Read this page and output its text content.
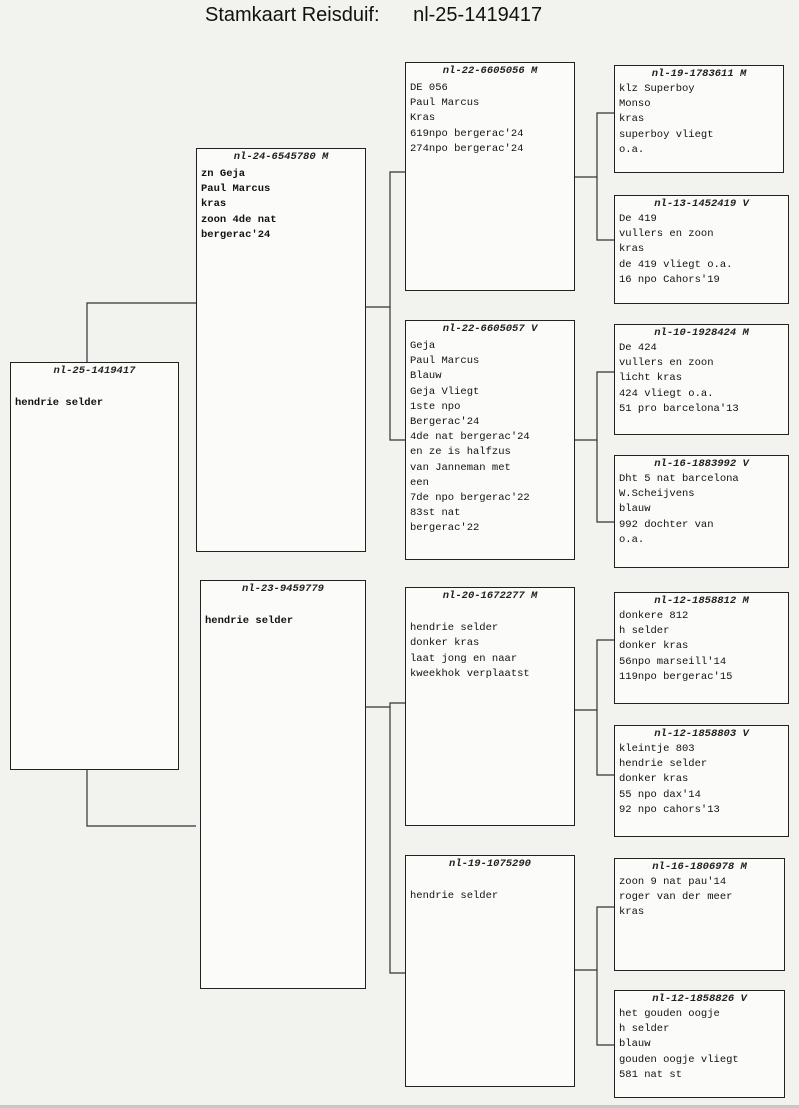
Stamkaart Reisduif: nl-25-1419417
nl-25-1419417
hendrie selder
nl-24-6545780 M
zn Geja
Paul Marcus
kras
zoon 4de nat
bergerac'24
nl-23-9459779
hendrie selder
nl-22-6605056 M
DE 056
Paul Marcus
Kras
619npo bergerac'24
274npo bergerac'24
nl-22-6605057 V
Geja
Paul Marcus
Blauw
Geja Vliegt
1ste npo
Bergerac'24
4de nat bergerac'24
en ze is halfzus
van Janneman met
een
7de npo bergerac'22
83st nat
bergerac'22
nl-20-1672277 M

hendrie selder
donker kras
laat jong en naar
kweekhok verplaatst
nl-19-1075290

hendrie selder
nl-19-1783611 M
klz Superboy
Monso
kras
superboy vliegt
o.a.
nl-13-1452419 V
De 419
vullers en zoon
kras
de 419 vliegt o.a.
16 npo Cahors'19
nl-10-1928424 M
De 424
vullers en zoon
licht kras
424 vliegt o.a.
51 pro barcelona'13
nl-16-1883992 V
Dht 5 nat barcelona
W.Scheijvens
blauw
992 dochter van
o.a.
nl-12-1858812 M
donkere 812
h selder
donker kras
56npo marseill'14
119npo bergerac'15
nl-12-1858803 V
kleintje 803
hendrie selder
donker kras
55 npo dax'14
92 npo cahors'13
nl-16-1806978 M
zoon 9 nat pau'14
roger van der meer
kras
nl-12-1858826 V
het gouden oogje
h selder
blauw
gouden oogje vliegt
581 nat st
